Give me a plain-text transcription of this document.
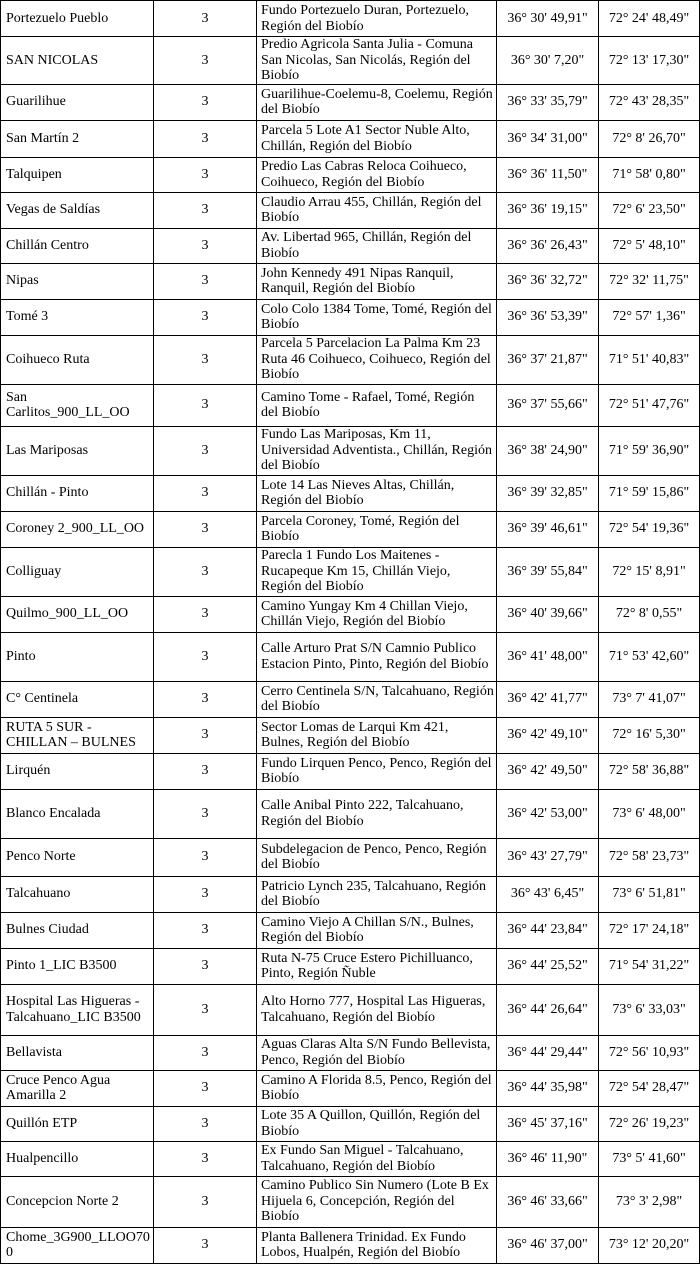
Portezuelo Pueblo	3	Fundo Portezuelo Duran, Portezuelo, Región del Biobío	36° 30' 49,91"	72° 24' 48,49"
SAN NICOLAS	3	Predio Agricola Santa Julia - Comuna San Nicolas, San Nicolás, Región del Biobío	36° 30' 7,20"	72° 13' 17,30"
Guarilihue	3	Guarilihue-Coelemu-8, Coelemu, Región del Biobío	36° 33' 35,79"	72° 43' 28,35"
San Martín 2	3	Parcela 5 Lote A1 Sector Nuble Alto, Chillán, Región del Biobío	36° 34' 31,00"	72° 8' 26,70"
Talquipen	3	Predio Las Cabras Reloca Coihueco, Coihueco, Región del Biobío	36° 36' 11,50"	71° 58' 0,80"
Vegas de Saldías	3	Claudio Arrau 455, Chillán, Región del Biobío	36° 36' 19,15"	72° 6' 23,50"
Chillán Centro	3	Av. Libertad 965, Chillán, Región del Biobío	36° 36' 26,43"	72° 5' 48,10"
Nipas	3	John Kennedy 491 Nipas Ranquil, Ranquil, Región del Biobío	36° 36' 32,72"	72° 32' 11,75"
Tomé 3	3	Colo Colo 1384 Tome, Tomé, Región del Biobío	36° 36' 53,39"	72° 57' 1,36"
Coihueco Ruta	3	Parcela 5 Parcelacion La Palma Km 23 Ruta 46 Coihueco, Coihueco, Región del Biobío	36° 37' 21,87"	71° 51' 40,83"
San Carlitos_900_LL_OO	3	Camino Tome - Rafael, Tomé, Región del Biobío	36° 37' 55,66"	72° 51' 47,76"
Las Mariposas	3	Fundo Las Mariposas, Km 11, Universidad Adventista., Chillán, Región del Biobío	36° 38' 24,90"	71° 59' 36,90"
Chillán - Pinto	3	Lote 14 Las Nieves Altas, Chillán, Región del Biobío	36° 39' 32,85"	71° 59' 15,86"
Coroney 2_900_LL_OO	3	Parcela Coroney, Tomé, Región del Biobío	36° 39' 46,61"	72° 54' 19,36"
Colliguay	3	Parecla 1 Fundo Los Maitenes - Rucapeque Km 15, Chillán Viejo, Región del Biobío	36° 39' 55,84"	72° 15' 8,91"
Quilmo_900_LL_OO	3	Camino Yungay Km 4 Chillan Viejo, Chillán Viejo, Región del Biobío	36° 40' 39,66"	72° 8' 0,55"
Pinto	3	Calle Arturo Prat S/N Camnio Publico Estacion Pinto, Pinto, Región del Biobío	36° 41' 48,00"	71° 53' 42,60"
C° Centinela	3	Cerro Centinela S/N, Talcahuano, Región del Biobío	36° 42' 41,77"	73° 7' 41,07"
RUTA 5 SUR - CHILLAN – BULNES	3	Sector Lomas de Larqui Km 421, Bulnes, Región del Biobío	36° 42' 49,10"	72° 16' 5,30"
Lirquén	3	Fundo Lirquen Penco, Penco, Región del Biobío	36° 42' 49,50"	72° 58' 36,88"
Blanco Encalada	3	Calle Anibal Pinto 222, Talcahuano, Región del Biobío	36° 42' 53,00"	73° 6' 48,00"
Penco Norte	3	Subdelegacion de Penco, Penco, Región del Biobío	36° 43' 27,79"	72° 58' 23,73"
Talcahuano	3	Patricio Lynch 235, Talcahuano, Región del Biobío	36° 43' 6,45"	73° 6' 51,81"
Bulnes Ciudad	3	Camino Viejo A Chillan S/N., Bulnes, Región del Biobío	36° 44' 23,84"	72° 17' 24,18"
Pinto 1_LIC B3500	3	Ruta N-75 Cruce Estero Pichilluanco, Pinto, Región Ñuble	36° 44' 25,52"	71° 54' 31,22"
Hospital Las Higueras - Talcahuano_LIC B3500	3	Alto Horno 777, Hospital Las Higueras, Talcahuano, Región del Biobío	36° 44' 26,64"	73° 6' 33,03"
Bellavista	3	Aguas Claras Alta S/N Fundo Bellevista, Penco, Región del Biobío	36° 44' 29,44"	72° 56' 10,93"
Cruce Penco Agua Amarilla 2	3	Camino A Florida 8.5, Penco, Región del Biobío	36° 44' 35,98"	72° 54' 28,47"
Quillón ETP	3	Lote 35 A Quillon, Quillón, Región del Biobío	36° 45' 37,16"	72° 26' 19,23"
Hualpencillo	3	Ex Fundo San Miguel - Talcahuano, Talcahuano, Región del Biobío	36° 46' 11,90"	73° 5' 41,60"
Concepcion Norte 2	3	Camino Publico Sin Numero (Lote B Ex Hijuela 6, Concepción, Región del Biobío	36° 46' 33,66"	73° 3' 2,98"
Chome_3G900_LLOO700	3	Planta Ballenera Trinidad. Ex Fundo Lobos, Hualpén, Región del Biobío	36° 46' 37,00"	73° 12' 20,20"
